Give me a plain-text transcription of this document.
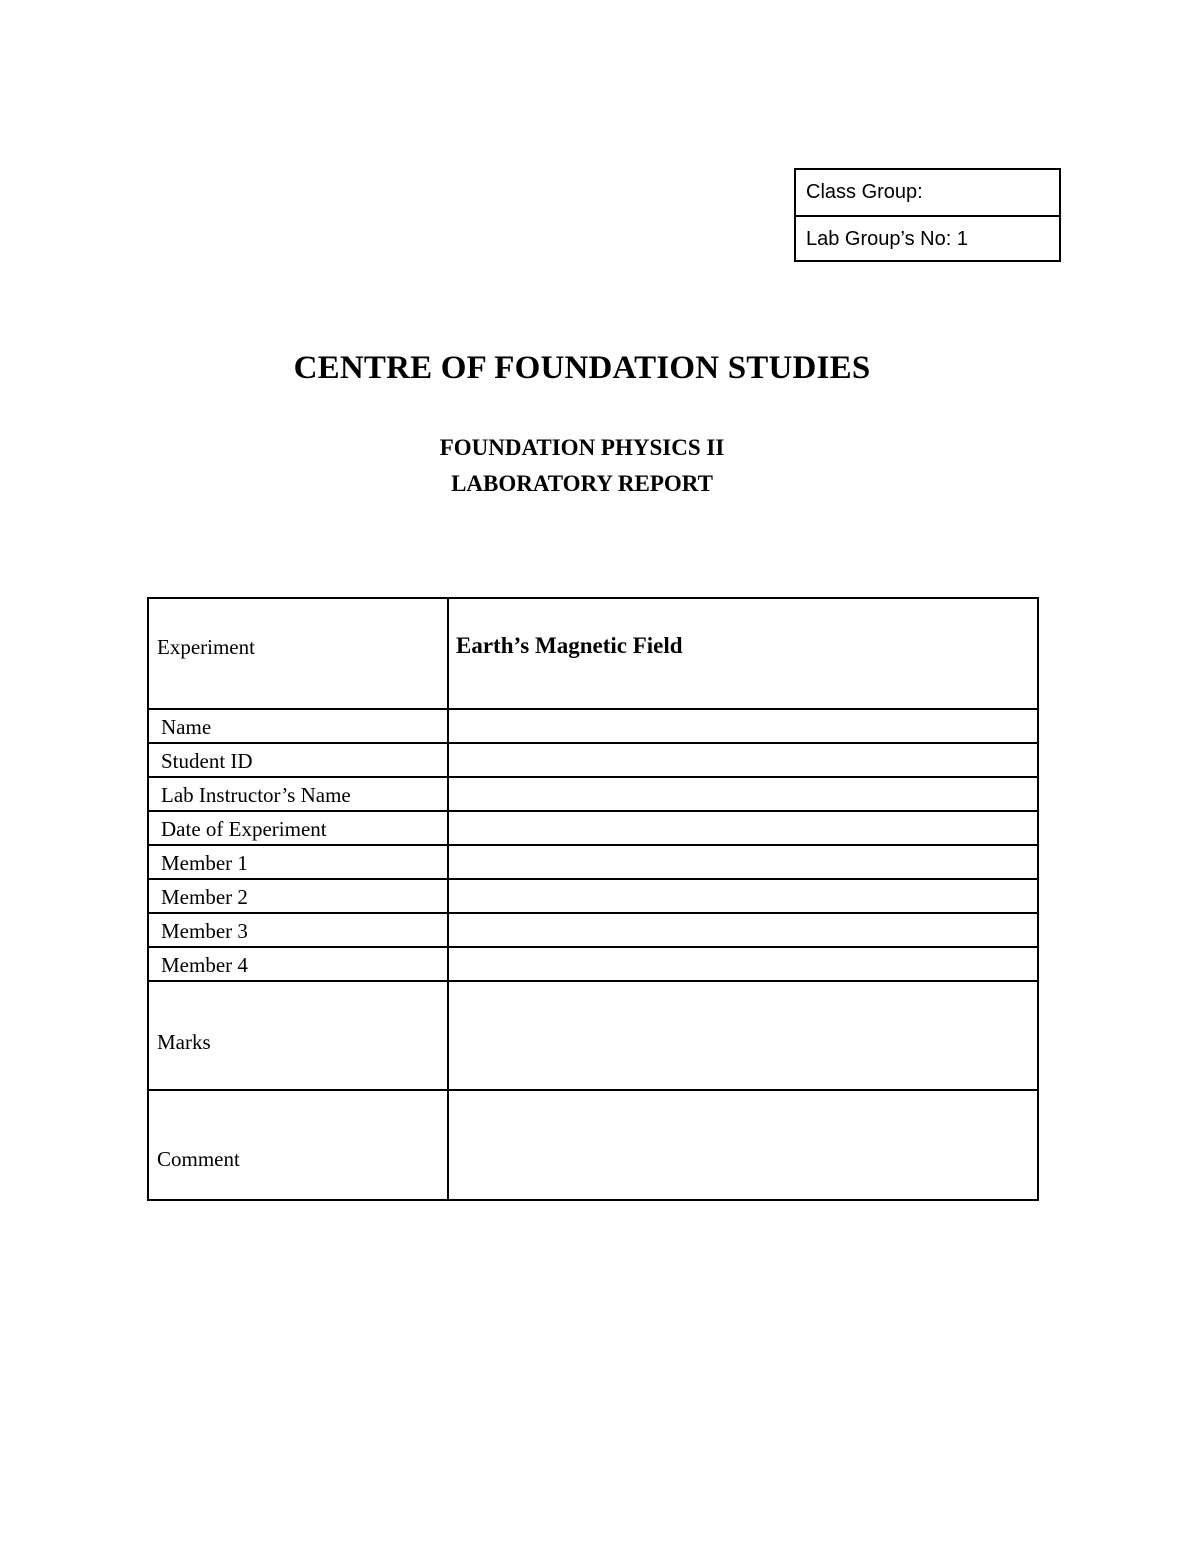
Class Group:
Lab Group’s No: 1
CENTRE OF FOUNDATION STUDIES
FOUNDATION PHYSICS II
LABORATORY REPORT
Experiment	Earth’s Magnetic Field
Name	
Student ID	
Lab Instructor’s Name	
Date of Experiment	
Member 1	
Member 2	
Member 3	
Member 4	
Marks	
Comment	
